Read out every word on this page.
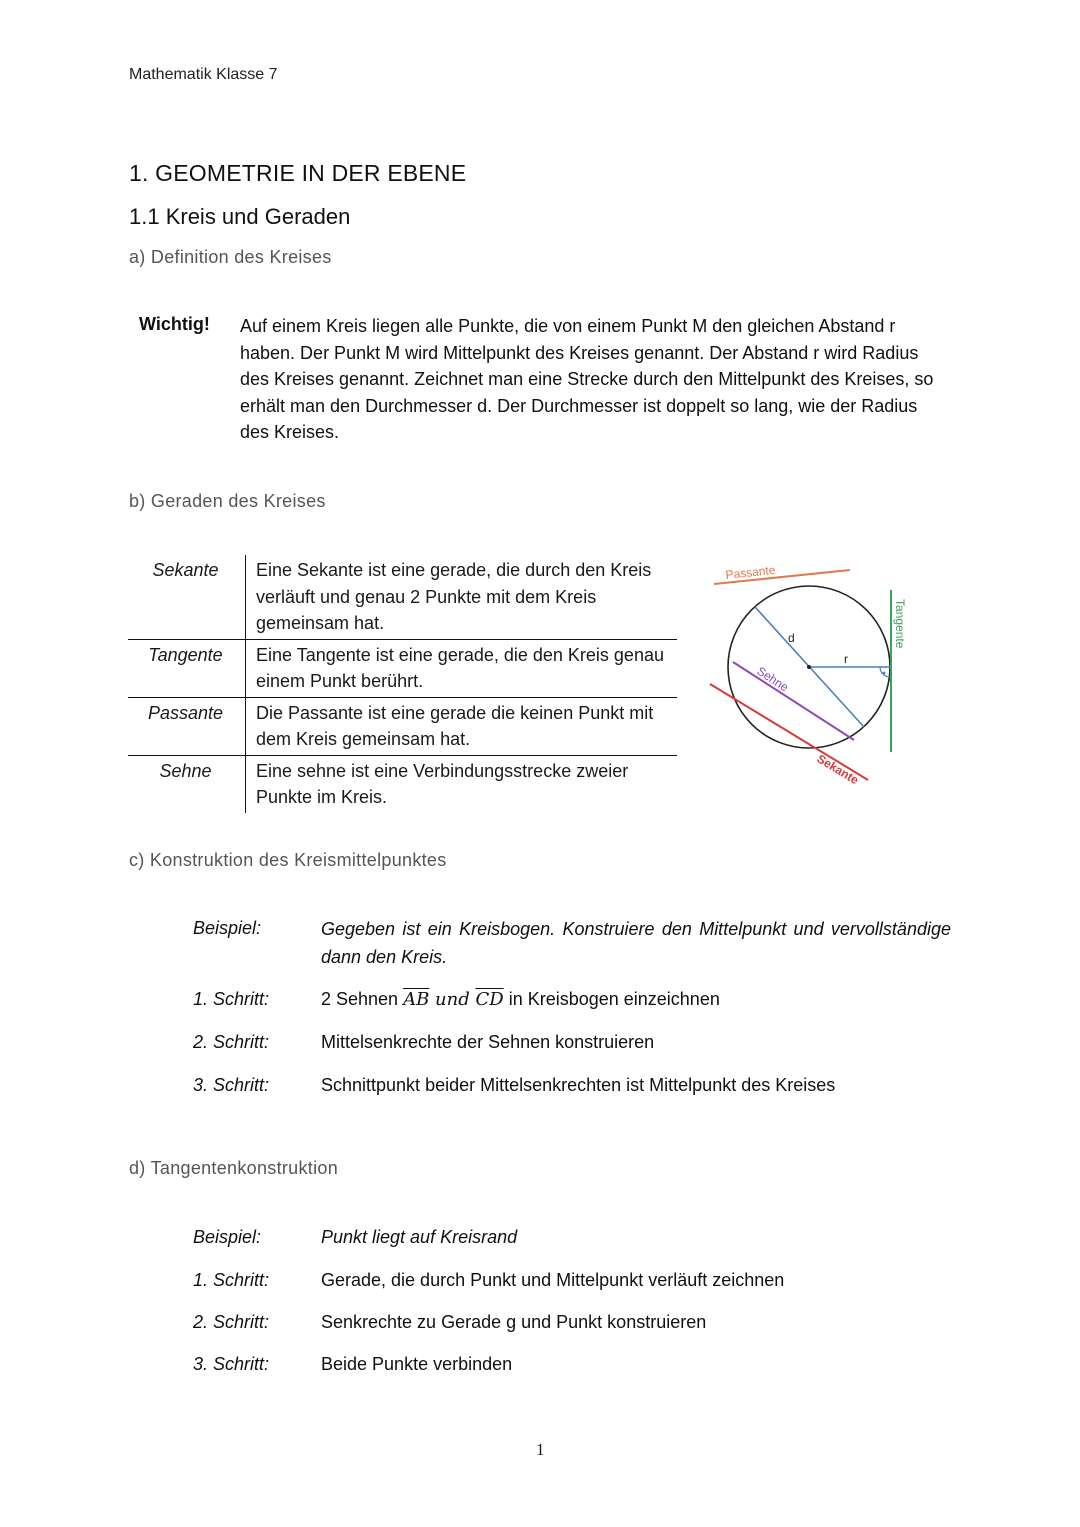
Mathematik Klasse 7
1. GEOMETRIE IN DER EBENE
1.1 Kreis und Geraden
a) Definition des Kreises
Wichtig! Auf einem Kreis liegen alle Punkte, die von einem Punkt M den gleichen Abstand r haben. Der Punkt M wird Mittelpunkt des Kreises genannt. Der Abstand r wird Radius des Kreises genannt. Zeichnet man eine Strecke durch den Mittelpunkt des Kreises, so erhält man den Durchmesser d. Der Durchmesser ist doppelt so lang, wie der Radius des Kreises.
b) Geraden des Kreises
Sekante	Eine Sekante ist eine gerade, die durch den Kreis verläuft und genau 2 Punkte mit dem Kreis gemeinsam hat.
Tangente	Eine Tangente ist eine gerade, die den Kreis genau einem Punkt berührt.
Passante	Die Passante ist eine gerade die keinen Punkt mit dem Kreis gemeinsam hat.
Sehne	Eine sehne ist eine Verbindungsstrecke zweier Punkte im Kreis.
Passante
d
r
Sehne
Sekante
Tangente
c) Konstruktion des Kreismittelpunktes
Beispiel:	Gegeben ist ein Kreisbogen. Konstruiere den Mittelpunkt und vervollständige dann den Kreis.
1. Schritt:	2 Sehnen $\overline{AB}$ und $\overline{CD}$ in Kreisbogen einzeichnen
2. Schritt:	Mittelsenkrechte der Sehnen konstruieren
3. Schritt:	Schnittpunkt beider Mittelsenkrechten ist Mittelpunkt des Kreises
d) Tangentenkonstruktion
Beispiel:	Punkt liegt auf Kreisrand
1. Schritt:	Gerade, die durch Punkt und Mittelpunkt verläuft zeichnen
2. Schritt:	Senkrechte zu Gerade g und Punkt konstruieren
3. Schritt:	Beide Punkte verbinden
1
